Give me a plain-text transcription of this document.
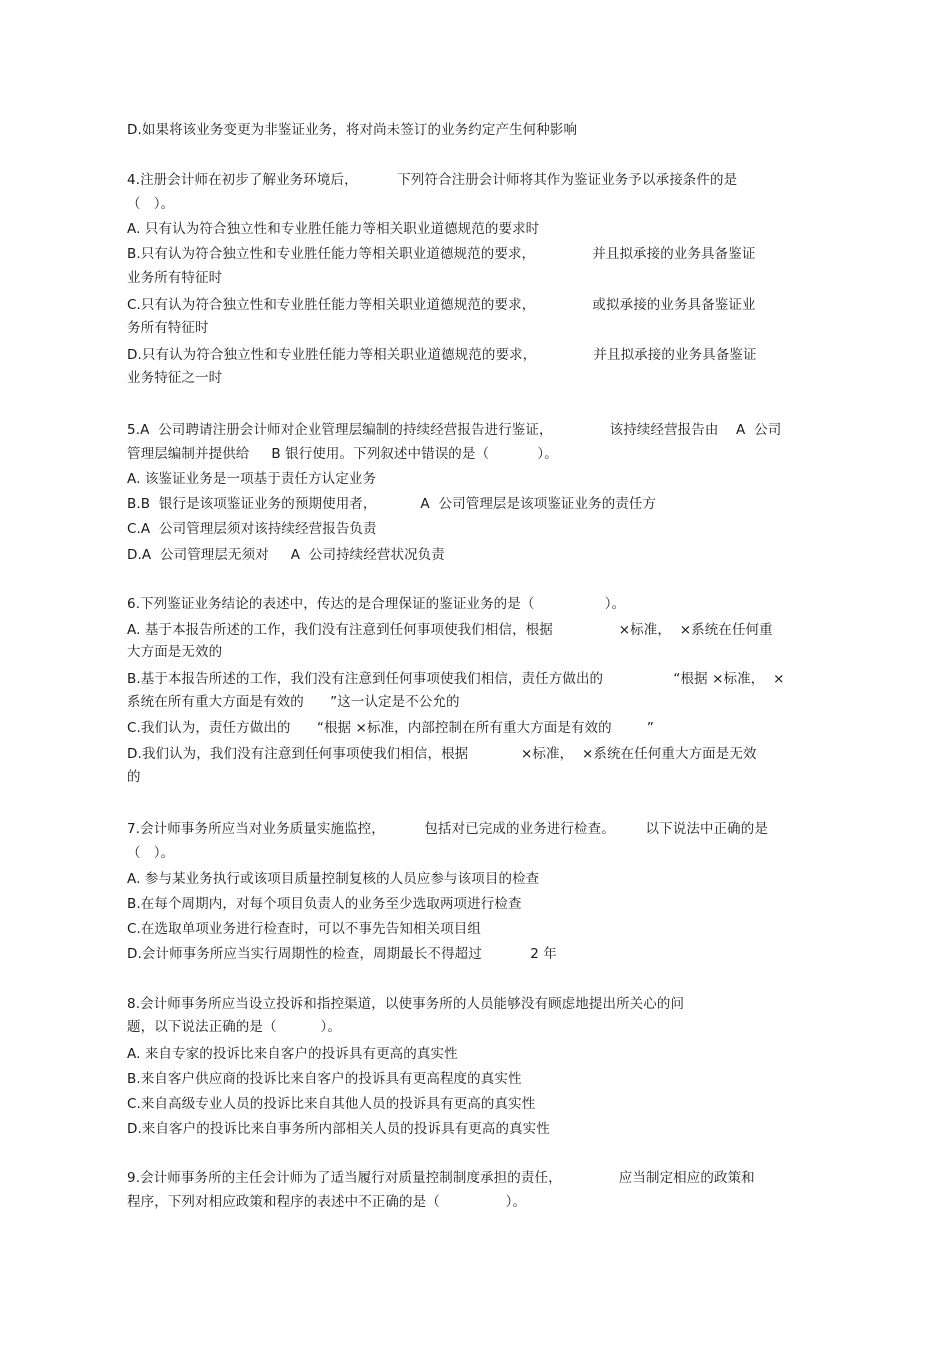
D.如果将该业务变更为非鉴证业务，将对尚未签订的业务约定产生何种影响
4.注册会计师在初步了解业务环境后，         下列符合注册会计师将其作为鉴证业务予以承接条件的是
（   ）。
A. 只有认为符合独立性和专业胜任能力等相关职业道德规范的要求时
B.只有认为符合独立性和专业胜任能力等相关职业道德规范的要求，             并且拟承接的业务具备鉴证
业务所有特征时
C.只有认为符合独立性和专业胜任能力等相关职业道德规范的要求，             或拟承接的业务具备鉴证业
务所有特征时
D.只有认为符合独立性和专业胜任能力等相关职业道德规范的要求，             并且拟承接的业务具备鉴证
业务特征之一时
5.A  公司聘请注册会计师对企业管理层编制的持续经营报告进行鉴证，             该持续经营报告由    A  公司
管理层编制并提供给     B 银行使用。下列叙述中错误的是（           ）。
A. 该鉴证业务是一项基于责任方认定业务
B.B  银行是该项鉴证业务的预期使用者，          A  公司管理层是该项鉴证业务的责任方
C.A  公司管理层须对该持续经营报告负责
D.A  公司管理层无须对     A  公司持续经营状况负责
6.下列鉴证业务结论的表述中，传达的是合理保证的鉴证业务的是（                ）。
A. 基于本报告所述的工作，我们没有注意到任何事项使我们相信，根据               ×标准，  ×系统在任何重
大方面是无效的
B.基于本报告所述的工作，我们没有注意到任何事项使我们相信，责任方做出的                “根据 ×标准，  ×
系统在所有重大方面是有效的      ”这一认定是不公允的
C.我们认为，责任方做出的      “根据 ×标准，内部控制在所有重大方面是有效的        ”
D.我们认为，我们没有注意到任何事项使我们相信，根据            ×标准，  ×系统在任何重大方面是无效
的
7.会计师事务所应当对业务质量实施监控，         包括对已完成的业务进行检查。       以下说法中正确的是
（   ）。
A. 参与某业务执行或该项目质量控制复核的人员应参与该项目的检查
B.在每个周期内，对每个项目负责人的业务至少选取两项进行检查
C.在选取单项业务进行检查时，可以不事先告知相关项目组
D.会计师事务所应当实行周期性的检查，周期最长不得超过           2 年
8.会计师事务所应当设立投诉和指控渠道，以使事务所的人员能够没有顾虑地提出所关心的问
题，以下说法正确的是（          ）。
A. 来自专家的投诉比来自客户的投诉具有更高的真实性
B.来自客户供应商的投诉比来自客户的投诉具有更高程度的真实性
C.来自高级专业人员的投诉比来自其他人员的投诉具有更高的真实性
D.来自客户的投诉比来自事务所内部相关人员的投诉具有更高的真实性
9.会计师事务所的主任会计师为了适当履行对质量控制制度承担的责任，             应当制定相应的政策和
程序，下列对相应政策和程序的表述中不正确的是（               ）。
